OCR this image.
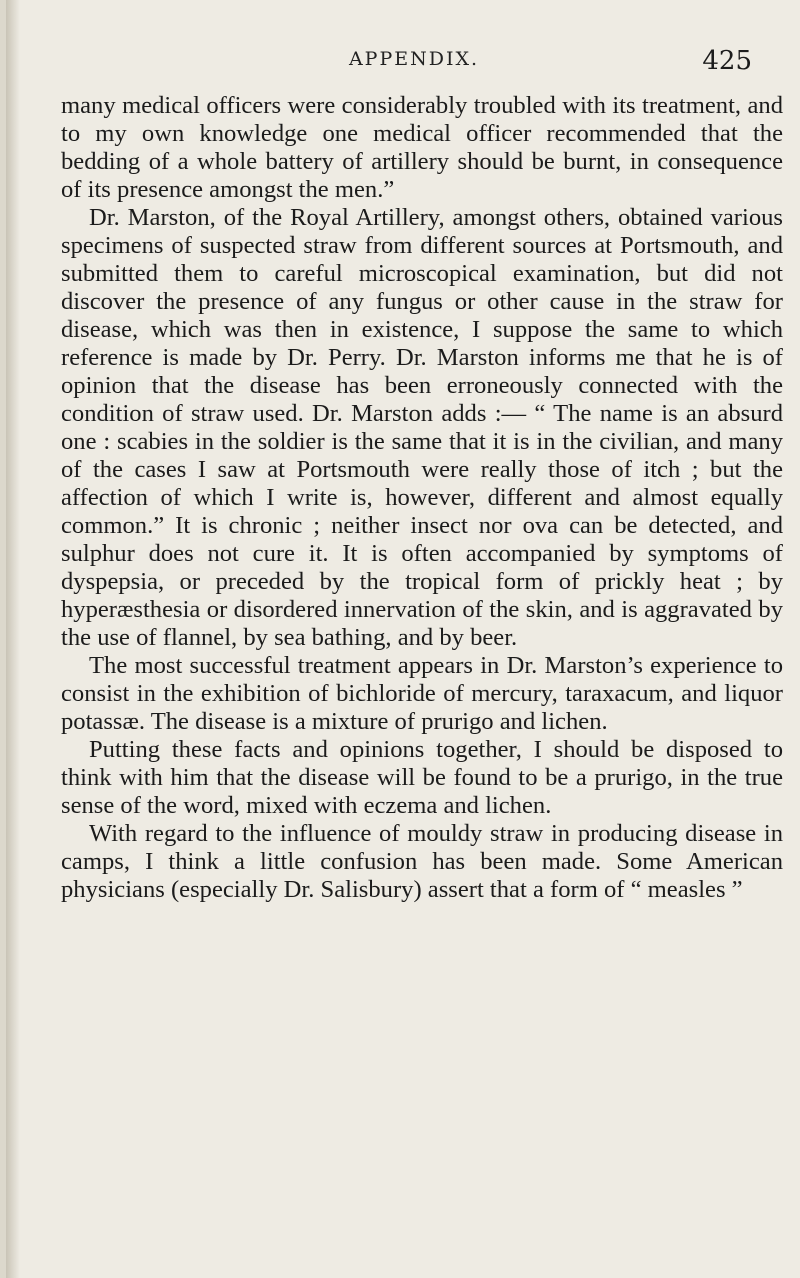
APPENDIX.	425

many medical officers were considerably troubled with its treatment, and to my own knowledge one medical officer recommended that the bedding of a whole battery of artillery should be burnt, in consequence of its presence amongst the men.”

Dr. Marston, of the Royal Artillery, amongst others, obtained various specimens of suspected straw from different sources at Portsmouth, and submitted them to careful microscopical examination, but did not discover the presence of any fungus or other cause in the straw for disease, which was then in existence, I suppose the same to which reference is made by Dr. Perry. Dr. Marston informs me that he is of opinion that the disease has been erroneously connected with the condition of straw used. Dr. Marston adds :— “ The name is an absurd one : scabies in the soldier is the same that it is in the civilian, and many of the cases I saw at Portsmouth were really those of itch ; but the affection of which I write is, however, different and almost equally common.” It is chronic ; neither insect nor ova can be detected, and sulphur does not cure it. It is often accompanied by symptoms of dyspepsia, or preceded by the tropical form of prickly heat ; by hyperæsthesia or disordered innervation of the skin, and is aggravated by the use of flannel, by sea bathing, and by beer.

The most successful treatment appears in Dr. Marston’s experience to consist in the exhibition of bichloride of mercury, taraxacum, and liquor potassæ. The disease is a mixture of prurigo and lichen.

Putting these facts and opinions together, I should be disposed to think with him that the disease will be found to be a prurigo, in the true sense of the word, mixed with eczema and lichen.

With regard to the influence of mouldy straw in producing disease in camps, I think a little confusion has been made. Some American physicians (especially Dr. Salisbury) assert that a form of “ measles ”
